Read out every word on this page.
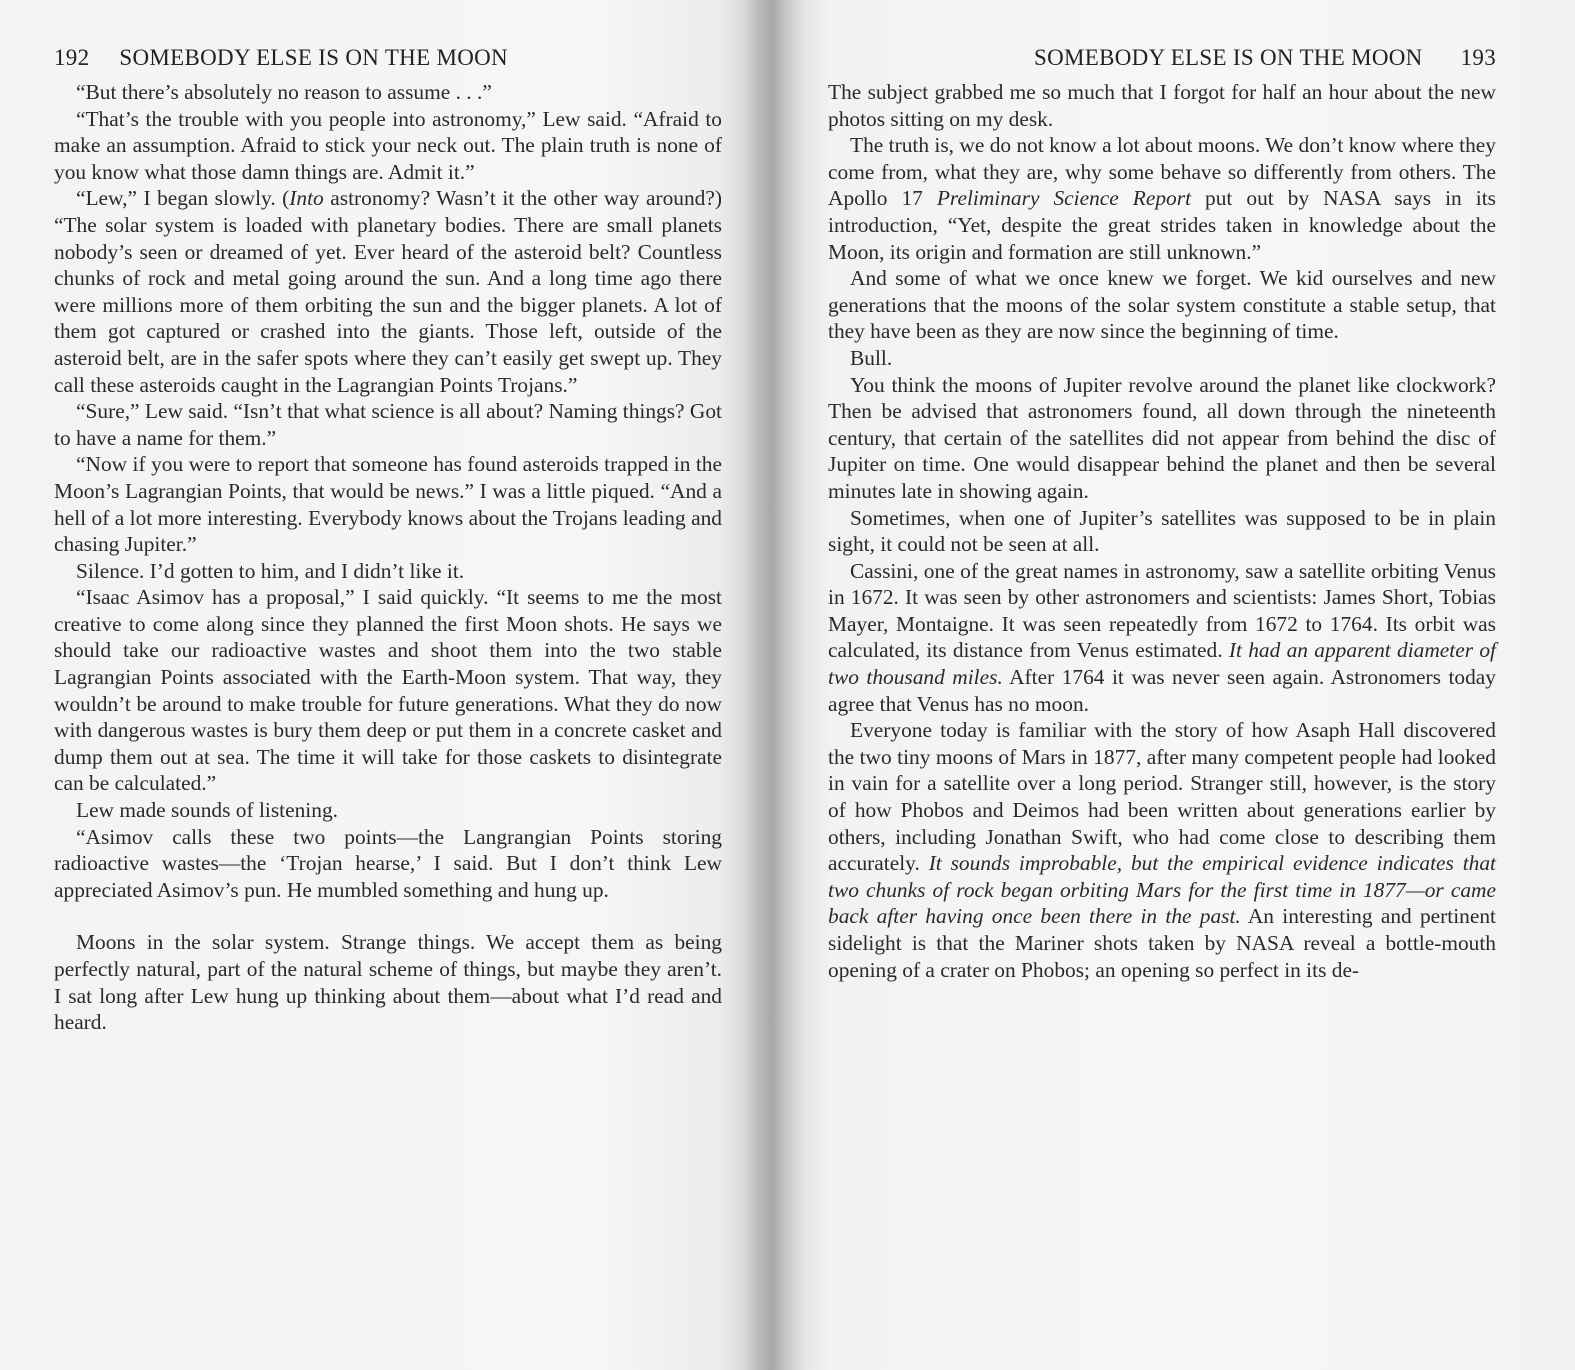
192 SOMEBODY ELSE IS ON THE MOON

“But there’s absolutely no reason to assume . . .”

“That’s the trouble with you people into astronomy,” Lew said. “Afraid to make an assumption. Afraid to stick your neck out. The plain truth is none of you know what those damn things are. Admit it.”

“Lew,” I began slowly. (Into astronomy? Wasn’t it the other way around?) “The solar system is loaded with planetary bodies. There are small planets nobody’s seen or dreamed of yet. Ever heard of the asteroid belt? Countless chunks of rock and metal going around the sun. And a long time ago there were millions more of them orbiting the sun and the bigger planets. A lot of them got captured or crashed into the giants. Those left, outside of the asteroid belt, are in the safer spots where they can’t easily get swept up. They call these asteroids caught in the Lagrangian Points Trojans.”

“Sure,” Lew said. “Isn’t that what science is all about? Naming things? Got to have a name for them.”

“Now if you were to report that someone has found asteroids trapped in the Moon’s Lagrangian Points, that would be news.” I was a little piqued. “And a hell of a lot more interesting. Everybody knows about the Trojans leading and chasing Jupiter.”

Silence. I’d gotten to him, and I didn’t like it.

“Isaac Asimov has a proposal,” I said quickly. “It seems to me the most creative to come along since they planned the first Moon shots. He says we should take our radioactive wastes and shoot them into the two stable Lagrangian Points associated with the Earth-Moon system. That way, they wouldn’t be around to make trouble for future generations. What they do now with dangerous wastes is bury them deep or put them in a concrete casket and dump them out at sea. The time it will take for those caskets to disintegrate can be calculated.”

Lew made sounds of listening.

“Asimov calls these two points—the Langrangian Points storing radioactive wastes—the ‘Trojan hearse,’ I said. But I don’t think Lew appreciated Asimov’s pun. He mumbled something and hung up.

Moons in the solar system. Strange things. We accept them as being perfectly natural, part of the natural scheme of things, but maybe they aren’t. I sat long after Lew hung up thinking about them—about what I’d read and heard.

SOMEBODY ELSE IS ON THE MOON 193

The subject grabbed me so much that I forgot for half an hour about the new photos sitting on my desk.

The truth is, we do not know a lot about moons. We don’t know where they come from, what they are, why some behave so differently from others. The Apollo 17 Preliminary Science Report put out by NASA says in its introduction, “Yet, despite the great strides taken in knowledge about the Moon, its origin and formation are still unknown.”

And some of what we once knew we forget. We kid ourselves and new generations that the moons of the solar system constitute a stable setup, that they have been as they are now since the beginning of time.

Bull.

You think the moons of Jupiter revolve around the planet like clockwork? Then be advised that astronomers found, all down through the nineteenth century, that certain of the satellites did not appear from behind the disc of Jupiter on time. One would disappear behind the planet and then be several minutes late in showing again.

Sometimes, when one of Jupiter’s satellites was supposed to be in plain sight, it could not be seen at all.

Cassini, one of the great names in astronomy, saw a satellite orbiting Venus in 1672. It was seen by other astronomers and scientists: James Short, Tobias Mayer, Montaigne. It was seen repeatedly from 1672 to 1764. Its orbit was calculated, its distance from Venus estimated. It had an apparent diameter of two thousand miles. After 1764 it was never seen again. Astronomers today agree that Venus has no moon.

Everyone today is familiar with the story of how Asaph Hall discovered the two tiny moons of Mars in 1877, after many competent people had looked in vain for a satellite over a long period. Stranger still, however, is the story of how Phobos and Deimos had been written about generations earlier by others, including Jonathan Swift, who had come close to describing them accurately. It sounds improbable, but the empirical evidence indicates that two chunks of rock began orbiting Mars for the first time in 1877—or came back after having once been there in the past. An interesting and pertinent sidelight is that the Mariner shots taken by NASA reveal a bottle-mouth opening of a crater on Phobos; an opening so perfect in its de-
